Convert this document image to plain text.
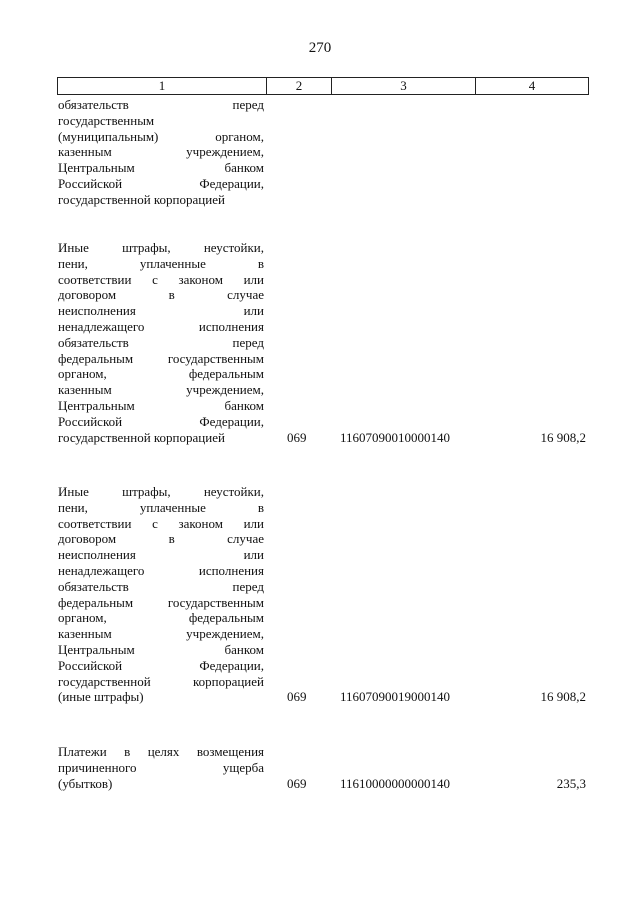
270
1	2	3	4
обязательств перед
государственным
(муниципальным) органом,
казенным учреждением,
Центральным банком
Российской Федерации,
государственной корпорацией
Иные штрафы, неустойки,
пени, уплаченные в
соответствии с законом или
договором в случае
неисполнения или
ненадлежащего исполнения
обязательств перед
федеральным государственным
органом, федеральным
казенным учреждением,
Центральным банком
Российской Федерации,
государственной корпорацией	069	11607090010000140	16 908,2
Иные штрафы, неустойки,
пени, уплаченные в
соответствии с законом или
договором в случае
неисполнения или
ненадлежащего исполнения
обязательств перед
федеральным государственным
органом, федеральным
казенным учреждением,
Центральным банком
Российской Федерации,
государственной корпорацией
(иные штрафы)	069	11607090019000140	16 908,2
Платежи в целях возмещения
причиненного ущерба
(убытков)	069	11610000000000140	235,3
